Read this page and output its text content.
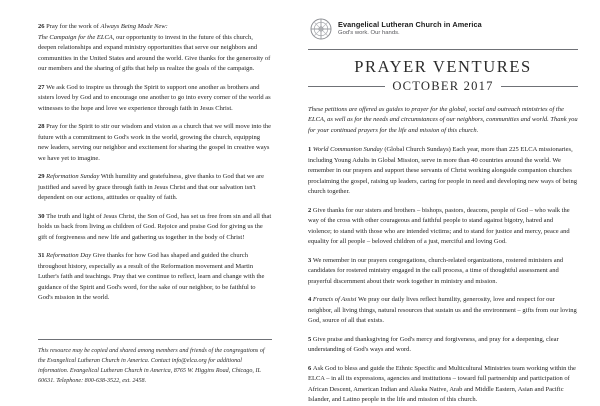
26 Pray for the work of Always Being Made New:
The Campaign for the ELCA, our opportunity to invest in the future of this church, deepen relationships and expand ministry opportunities that serve our neighbors and communities in the United States and around the world. Give thanks for the generosity of our members and the sharing of gifts that help us realize the goals of the campaign.

27 We ask God to inspire us through the Spirit to support one another as brothers and sisters loved by God and to encourage one another to go into every corner of the world as witnesses to the hope and love we experience through faith in Jesus Christ.

28 Pray for the Spirit to stir our wisdom and vision as a church that we will move into the future with a commitment to God's work in the world, growing the church, equipping new leaders, serving our neighbor and excitement for sharing the gospel in creative ways we have yet to imagine.

29 Reformation Sunday With humility and gratefulness, give thanks to God that we are justified and saved by grace through faith in Jesus Christ and that our salvation isn't dependent on our actions, attitudes or quality of faith.

30 The truth and light of Jesus Christ, the Son of God, has set us free from sin and all that holds us back from living as children of God. Rejoice and praise God for giving us the gift of forgiveness and new life and gathering us together in the body of Christ!

31 Reformation Day Give thanks for how God has shaped and guided the church throughout history, especially as a result of the Reformation movement and Martin Luther's faith and teachings. Pray that we continue to reflect, learn and change with the guidance of the Spirit and God's word, for the sake of our neighbor, to be faithful to God's mission in the world.

This resource may be copied and shared among members and friends of the congregations of the Evangelical Lutheran Church in America. Contact info@elca.org for additional information. Evangelical Lutheran Church in America, 8765 W. Higgins Road, Chicago, IL 60631. Telephone: 800-638-3522, ext. 2458.
Evangelical Lutheran Church in America
God's work. Our hands.
PRAYER VENTURES
OCTOBER 2017
These petitions are offered as guides to prayer for the global, social and outreach ministries of the ELCA, as well as for the needs and circumstances of our neighbors, communities and world. Thank you for your continued prayers for the life and mission of this church.

1 World Communion Sunday (Global Church Sundays) Each year, more than 225 ELCA missionaries, including Young Adults in Global Mission, serve in more than 40 countries around the world. We remember in our prayers and support these servants of Christ working alongside companion churches proclaiming the gospel, raising up leaders, caring for people in need and developing new ways of being church together.

2 Give thanks for our sisters and brothers – bishops, pastors, deacons, people of God – who walk the way of the cross with other courageous and faithful people to stand against bigotry, hatred and violence; to stand with those who are intended victims; and to stand for justice and mercy, peace and equality for all people – beloved children of a just, merciful and loving God.

3 We remember in our prayers congregations, church-related organizations, rostered ministers and candidates for rostered ministry engaged in the call process, a time of thoughtful assessment and prayerful discernment about their work together in ministry and mission.

4 Francis of Assisi We pray our daily lives reflect humility, generosity, love and respect for our neighbor, all living things, natural resources that sustain us and the environment – gifts from our loving God, source of all that exists.

5 Give praise and thanksgiving for God's mercy and forgiveness, and pray for a deepening, clear understanding of God's ways and word.

6 Ask God to bless and guide the Ethnic Specific and Multicultural Ministries team working within the ELCA – in all its expressions, agencies and institutions – toward full partnership and participation of African Descent, American Indian and Alaska Native, Arab and Middle Eastern, Asian and Pacific Islander, and Latino people in the life and mission of this church.
